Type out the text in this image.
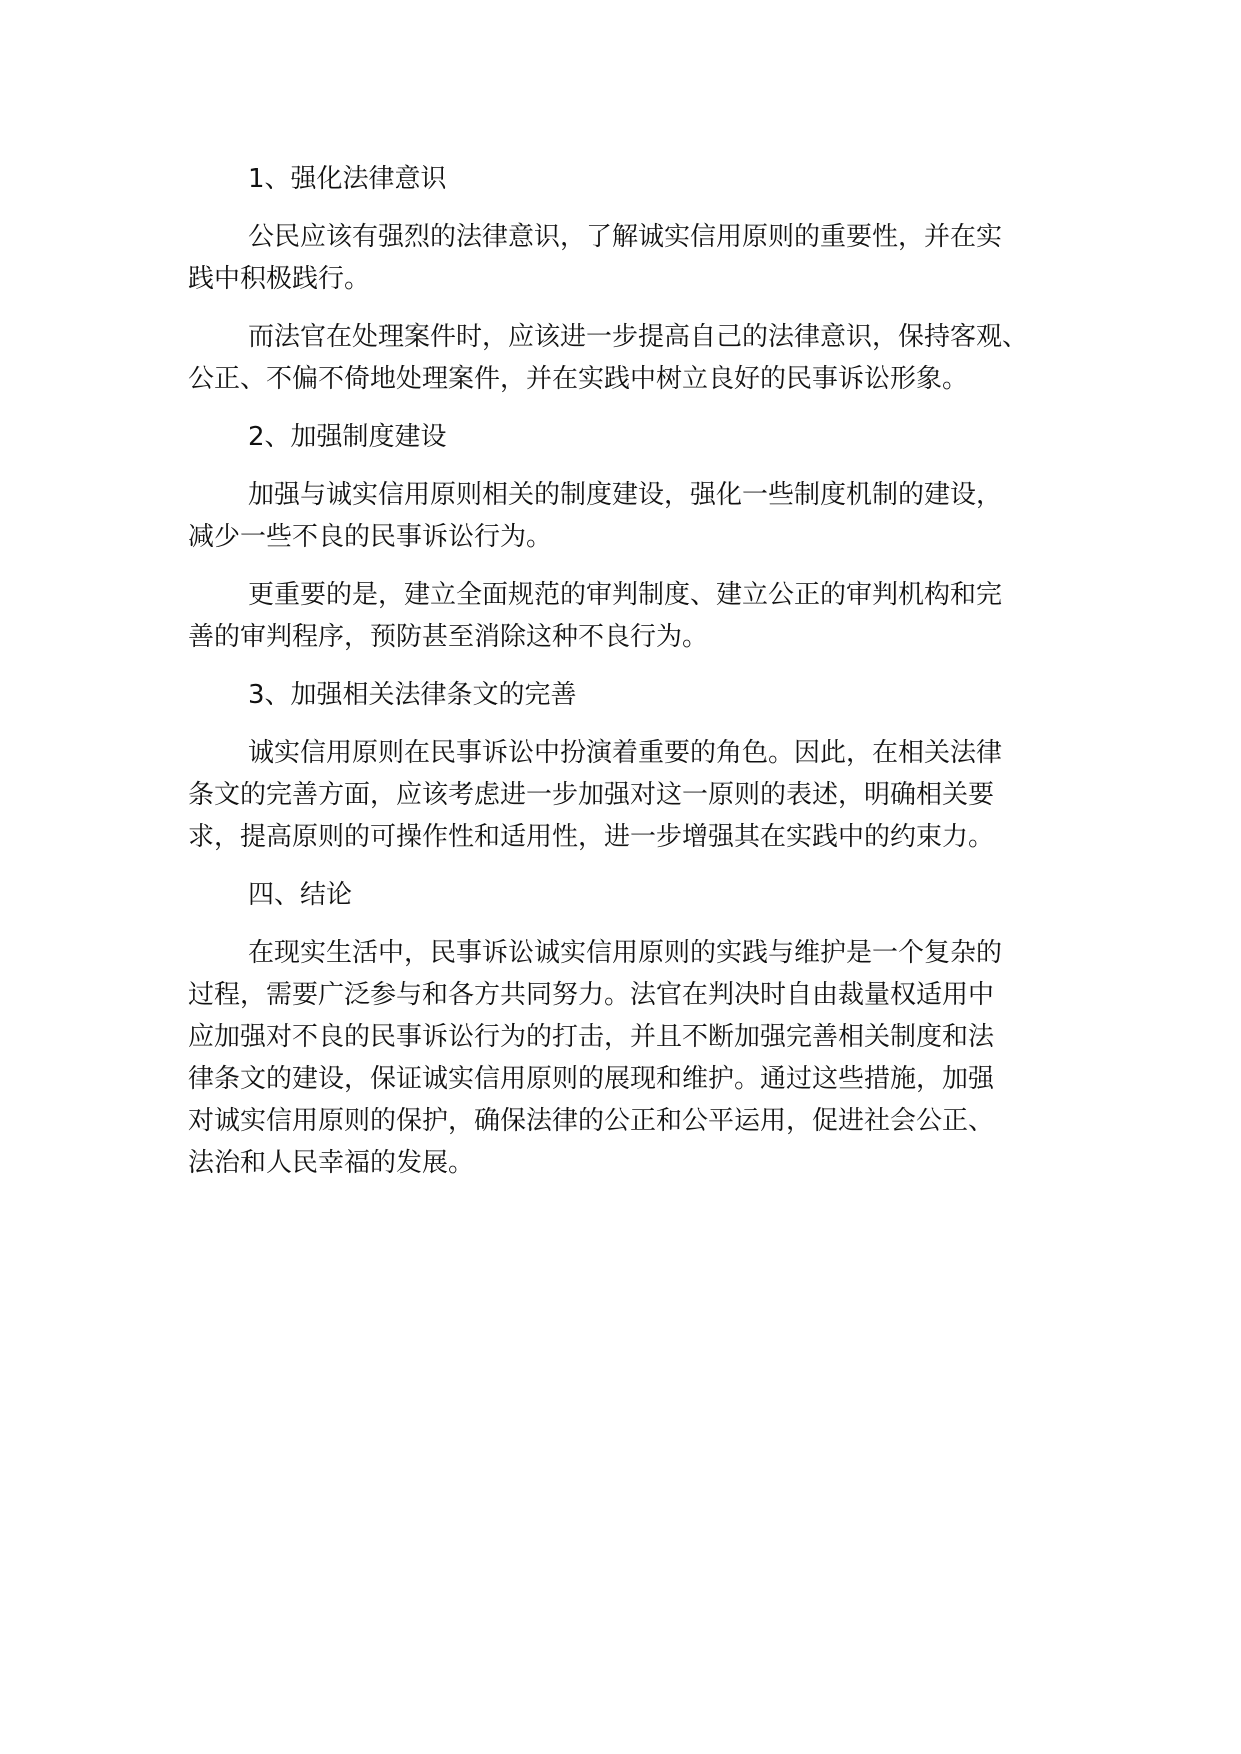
1、强化法律意识
公民应该有强烈的法律意识，了解诚实信用原则的重要性，并在实
践中积极践行。
而法官在处理案件时，应该进一步提高自己的法律意识，保持客观、
公正、不偏不倚地处理案件，并在实践中树立良好的民事诉讼形象。
2、加强制度建设
加强与诚实信用原则相关的制度建设，强化一些制度机制的建设，
减少一些不良的民事诉讼行为。
更重要的是，建立全面规范的审判制度、建立公正的审判机构和完
善的审判程序，预防甚至消除这种不良行为。
3、加强相关法律条文的完善
诚实信用原则在民事诉讼中扮演着重要的角色。因此，在相关法律
条文的完善方面，应该考虑进一步加强对这一原则的表述，明确相关要
求，提高原则的可操作性和适用性，进一步增强其在实践中的约束力。
四、结论
在现实生活中，民事诉讼诚实信用原则的实践与维护是一个复杂的
过程，需要广泛参与和各方共同努力。法官在判决时自由裁量权适用中
应加强对不良的民事诉讼行为的打击，并且不断加强完善相关制度和法
律条文的建设，保证诚实信用原则的展现和维护。通过这些措施，加强
对诚实信用原则的保护，确保法律的公正和公平运用，促进社会公正、
法治和人民幸福的发展。
